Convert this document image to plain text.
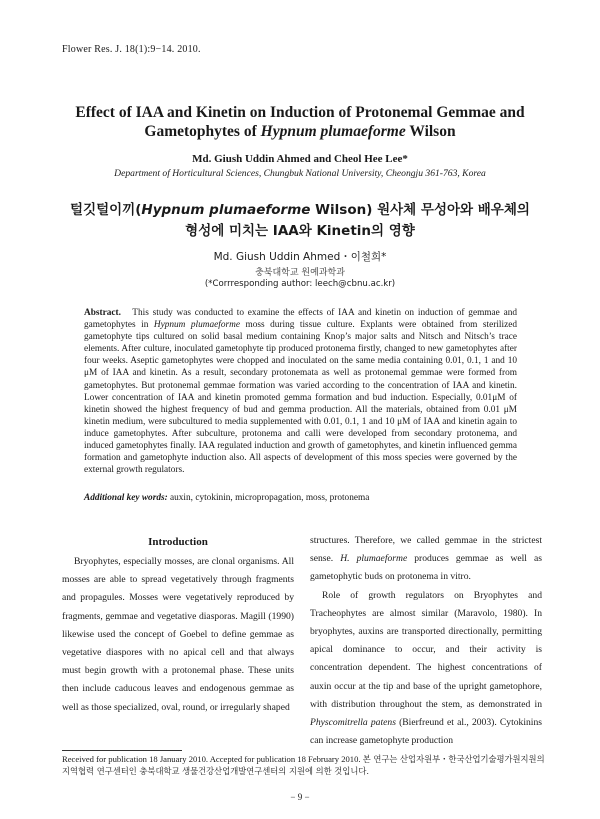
Flower Res. J. 18(1):9−14. 2010.
Effect of IAA and Kinetin on Induction of Protonemal Gemmae and
Gametophytes of Hypnum plumaeforme Wilson
Md. Giush Uddin Ahmed and Cheol Hee Lee*
Department of Horticultural Sciences, Chungbuk National University, Cheongju 361-763, Korea
털깃털이끼(Hypnum plumaeforme Wilson) 원사체 무성아와 배우체의
형성에 미치는 IAA와 Kinetin의 영향
Md. Giush Uddin Ahmed・이철희*
충북대학교 원예과학과
(*Corrresponding author: leech@cbnu.ac.kr)

Abstract. This study was conducted to examine the effects of IAA and kinetin on induction of gemmae and gametophytes in Hypnum plumaeforme moss during tissue culture. Explants were obtained from sterilized gametophyte tips cultured on solid basal medium containing Knop’s major salts and Nitsch and Nitsch’s trace elements. After culture, inoculated gametophyte tip produced protonema firstly, changed to new gametophytes after four weeks. Aseptic gametophytes were chopped and inoculated on the same media containing 0.01, 0.1, 1 and 10 μM of IAA and kinetin. As a result, secondary protonemata as well as protonemal gemmae were formed from gametophytes. But protonemal gemmae formation was varied according to the concentration of IAA and kinetin. Lower concentration of IAA and kinetin promoted gemma formation and bud induction. Especially, 0.01μM of kinetin showed the highest frequency of bud and gemma production. All the materials, obtained from 0.01 μM kinetin medium, were subcultured to media supplemented with 0.01, 0.1, 1 and 10 μM of IAA and kinetin again to induce gametophytes. After subculture, protonema and calli were developed from secondary protonema, and induced gametophytes finally. IAA regulated induction and growth of gametophytes, and kinetin influenced gemma formation and gametophyte induction also. All aspects of development of this moss species were governed by the external growth regulators.

Additional key words: auxin, cytokinin, micropropagation, moss, protonema
Introduction

Bryophytes, especially mosses, are clonal organisms. All mosses are able to spread vegetatively through fragments and propagules. Mosses were vegetatively reproduced by fragments, gemmae and vegetative diasporas. Magill (1990) likewise used the concept of Goebel to define gemmae as vegetative diaspores with no apical cell and that always must begin growth with a protonemal phase. These units then include caducous leaves and endogenous gemmae as well as those specialized, oval, round, or irregularly shaped

structures. Therefore, we called gemmae in the strictest sense. H. plumaeforme produces gemmae as well as gametophytic buds on protonema in vitro.

Role of growth regulators on Bryophytes and Tracheophytes are almost similar (Maravolo, 1980). In bryophytes, auxins are transported directionally, permitting apical dominance to occur, and their activity is concentration dependent. The highest concentrations of auxin occur at the tip and base of the upright gametophore, with distribution throughout the stem, as demonstrated in Physcomitrella patens (Bierfreund et al., 2003). Cytokinins can increase gametophyte production

Received for publication 18 January 2010. Accepted for publication 18 February 2010. 본 연구는 산업자원부・한국산업기술평가원지원의 지역협력 연구센터인 충북대학교 생물건강산업개발연구센터의 지원에 의한 것입니다.
− 9 −
